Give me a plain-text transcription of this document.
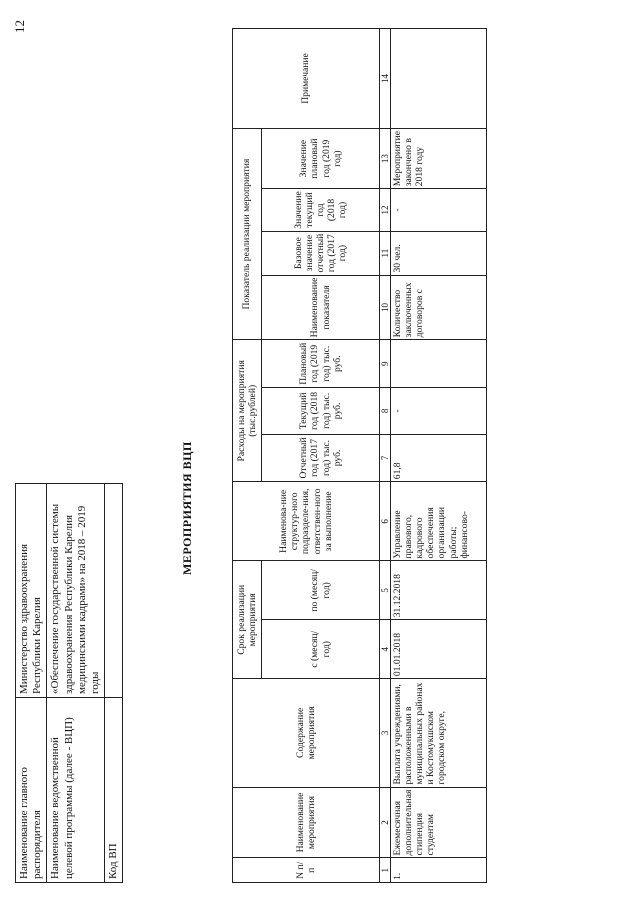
12
Наименование главного распорядителя	Министерство здравоохранения Республики Карелия
Наименование ведомственной целевой программы (далее - ВЦП)	«Обеспечение государственной системы здравоохранения Республики Карелия медицинскими кадрами» на 2018 – 2019 годы
Код ВП	
МЕРОПРИЯТИЯ ВЦП
N п/п	Наименование мероприятия	Содержание мероприятия	Срок реализации мероприятия		Наименова-ние структур-ного подразделе-ния, ответствен-ного за выполнение	Расходы на мероприятия (тыс.рублей)			Показатель реализации мероприятия				Примечание
			с (месяц/ год)	по (месяц/ год)		Отчетный год (2017 год) тыс. руб.	Текущий год (2018 год) тыс. руб.	Плановый год (2019 год) тыс. руб.	Наименование показателя	Базовое значение отчетный год (2017 год)	Значение текущий год (2018 год)	Значение плановый год (2019 год)	
1	2	3	4	5	6	7	8	9	10	11	12	13	14
1.	Ежемесячная дополнительная стипендия студентам	Выплата учреждениями, расположенными в муниципальных районах и Костомукшском городском округе,	01.01.2018	31.12.2018	Управление правового, кадрового обеспечения организации работы; финансово-	61,8	-		Количество заключенных договоров с	30 чел.	-	Мероприятие закончено в 2018 году	
